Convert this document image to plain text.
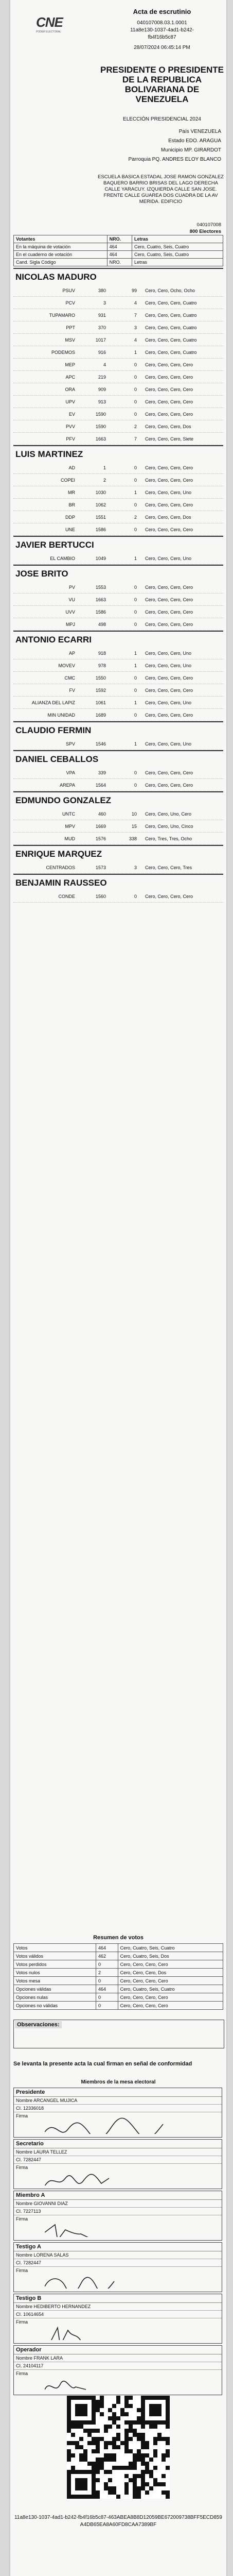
CNE
PODER ELECTORAL
Acta de escrutinio
040107008.03.1.0001
11a8e130-1037-4ad1-b242-
fb4f16b5c87
28/07/2024 06:45:14 PM
PRESIDENTE O PRESIDENTE DE LA REPUBLICA BOLIVARIANA DE VENEZUELA
ELECCIÓN PRESIDENCIAL 2024
País VENEZUELA
Estado EDO. ARAGUA
Municipio MP. GIRARDOT
Parroquia PQ. ANDRES ELOY BLANCO
ESCUELA BASICA ESTADAL JOSE RAMON GONZALEZ BAQUERO BARRIO BRISAS DEL LAGO DERECHA CALLE YARACUY. IZQUIERDA CALLE SAN JOSE. FRENTE CALLE GUAREA DOS CUADRA DE LA AV MERIDA. EDIFICIO
040107008
800 Electores
Votantes	NRO.	Letras
En la máquina de votación	464	Cero, Cuatro, Seis, Cuatro
En el cuaderno de votación	464	Cero, Cuatro, Seis, Cuatro
Cand. Sigla Código	NRO.	Letras
NICOLAS MADURO
PSUV	380	99	Cero, Cero, Ocho, Ocho
PCV	3	4	Cero, Cero, Cero, Cuatro
TUPAMARO	931	7	Cero, Cero, Cero, Cuatro
PPT	370	3	Cero, Cero, Cero, Cuatro
MSV	1017	4	Cero, Cero, Cero, Cuatro
PODEMOS	916	1	Cero, Cero, Cero, Cuatro
MEP	4	0	Cero, Cero, Cero, Cero
APC	219	0	Cero, Cero, Cero, Cero
ORA	909	0	Cero, Cero, Cero, Cero
UPV	913	0	Cero, Cero, Cero, Cero
EV	1590	0	Cero, Cero, Cero, Cero
PVV	1590	2	Cero, Cero, Cero, Dos
PFV	1663	7	Cero, Cero, Cero, Siete
LUIS MARTINEZ
AD	1	0	Cero, Cero, Cero, Cero
COPEI	2	0	Cero, Cero, Cero, Cero
MR	1030	1	Cero, Cero, Cero, Uno
BR	1062	0	Cero, Cero, Cero, Cero
DDP	1551	2	Cero, Cero, Cero, Dos
UNE	1586	0	Cero, Cero, Cero, Cero
JAVIER BERTUCCI
EL CAMBIO	1049	1	Cero, Cero, Cero, Uno
JOSE BRITO
PV	1553	0	Cero, Cero, Cero, Cero
VU	1663	0	Cero, Cero, Cero, Cero
UVV	1586	0	Cero, Cero, Cero, Cero
MPJ	498	0	Cero, Cero, Cero, Cero
ANTONIO ECARRI
AP	918	1	Cero, Cero, Cero, Uno
MOVEV	978	1	Cero, Cero, Cero, Uno
CMC	1550	0	Cero, Cero, Cero, Cero
FV	1592	0	Cero, Cero, Cero, Cero
ALIANZA DEL LAPIZ	1061	1	Cero, Cero, Cero, Uno
MIN UNIDAD	1689	0	Cero, Cero, Cero, Cero
CLAUDIO FERMIN
SPV	1546	1	Cero, Cero, Cero, Uno
DANIEL CEBALLOS
VPA	339	0	Cero, Cero, Cero, Cero
AREPA	1564	0	Cero, Cero, Cero, Cero
EDMUNDO GONZALEZ
UNTC	460	10	Cero, Cero, Uno, Cero
MPV	1669	15	Cero, Cero, Uno, Cinco
MUD	1576	338	Cero, Tres, Tres, Ocho
ENRIQUE MARQUEZ
CENTRADOS	1573	3	Cero, Cero, Cero, Tres
BENJAMIN RAUSSEO
CONDE	1560	0	Cero, Cero, Cero, Cero
Resumen de votos
Votos	464	Cero, Cuatro, Seis, Cuatro
Votos válidos	462	Cero, Cuatro, Seis, Dos
Votos perdidos	0	Cero, Cero, Cero, Cero
Votos nulos	2	Cero, Cero, Cero, Dos
Votos mesa	0	Cero, Cero, Cero, Cero
Opciones válidas	464	Cero, Cuatro, Seis, Cuatro
Opciones nulas	0	Cero, Cero, Cero, Cero
Opciones no válidas	0	Cero, Cero, Cero, Cero
Observaciones:
Se levanta la presente acta la cual firman en señal de conformidad
Miembros de la mesa electoral
Presidente
Nombre ARCANGEL MUJICA
CI. 12336018
Firma
Secretario
Nombre LAURA TELLEZ
CI. 7282447
Firma
Miembro A
Nombre GIOVANNI DIAZ
CI. 7227113
Firma
Testigo A
Nombre LORENA SALAS
CI. 7282447
Firma
Testigo B
Nombre HEDIBERTO HERNANDEZ
CI. 10614654
Firma
Operador
Nombre FRANK LARA
CI. 24104117
Firma
11a8e130-1037-4ad1-b242-fb4f16b5c87-463ABEA8B8D12059BE672009738BFF5ECD859A4DB65EA8A60FD8CAA7389BF
